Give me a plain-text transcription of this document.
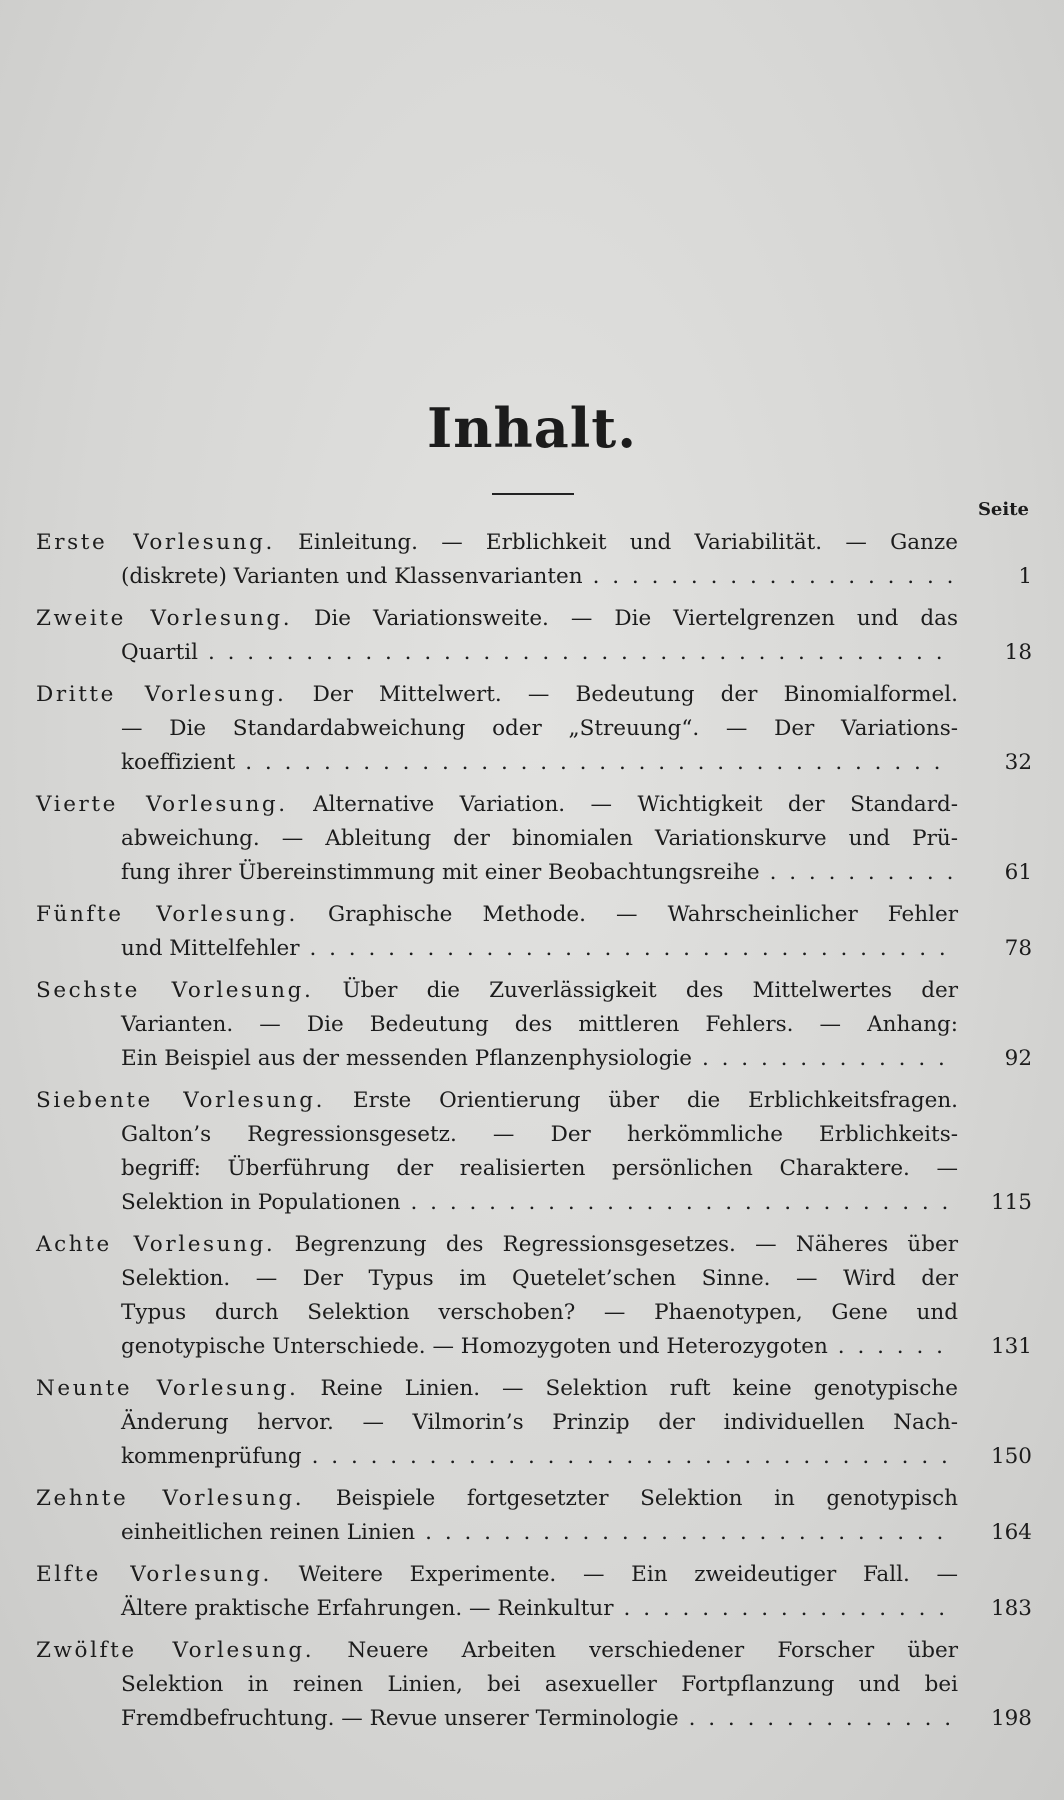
Inhalt.
Seite
Erste Vorlesung. Einleitung. — Erblichkeit und Variabilität. — Ganze
(diskrete) Varianten und Klassenvarianten . . .	1
Zweite Vorlesung. Die Variationsweite. — Die Viertelgrenzen und das
Quartil . . .	18
Dritte Vorlesung. Der Mittelwert. — Bedeutung der Binomialformel.
— Die Standardabweichung oder „Streuung“. — Der Variations-
koeffizient . . .	32
Vierte Vorlesung. Alternative Variation. — Wichtigkeit der Standard-
abweichung. — Ableitung der binomialen Variationskurve und Prü-
fung ihrer Übereinstimmung mit einer Beobachtungsreihe . . .	61
Fünfte Vorlesung. Graphische Methode. — Wahrscheinlicher Fehler
und Mittelfehler . . .	78
Sechste Vorlesung. Über die Zuverlässigkeit des Mittelwertes der
Varianten. — Die Bedeutung des mittleren Fehlers. — Anhang:
Ein Beispiel aus der messenden Pflanzenphysiologie . . .	92
Siebente Vorlesung. Erste Orientierung über die Erblichkeitsfragen.
Galton’s Regressionsgesetz. — Der herkömmliche Erblichkeits-
begriff: Überführung der realisierten persönlichen Charaktere. —
Selektion in Populationen . . .	115
Achte Vorlesung. Begrenzung des Regressionsgesetzes. — Näheres über
Selektion. — Der Typus im Quetelet’schen Sinne. — Wird der
Typus durch Selektion verschoben? — Phaenotypen, Gene und
genotypische Unterschiede. — Homozygoten und Heterozygoten . . .	131
Neunte Vorlesung. Reine Linien. — Selektion ruft keine genotypische
Änderung hervor. — Vilmorin’s Prinzip der individuellen Nach-
kommenprüfung . . .	150
Zehnte Vorlesung. Beispiele fortgesetzter Selektion in genotypisch
einheitlichen reinen Linien . . .	164
Elfte Vorlesung. Weitere Experimente. — Ein zweideutiger Fall. —
Ältere praktische Erfahrungen. — Reinkultur . . .	183
Zwölfte Vorlesung. Neuere Arbeiten verschiedener Forscher über
Selektion in reinen Linien, bei asexueller Fortpflanzung und bei
Fremdbefruchtung. — Revue unserer Terminologie . . .	198
